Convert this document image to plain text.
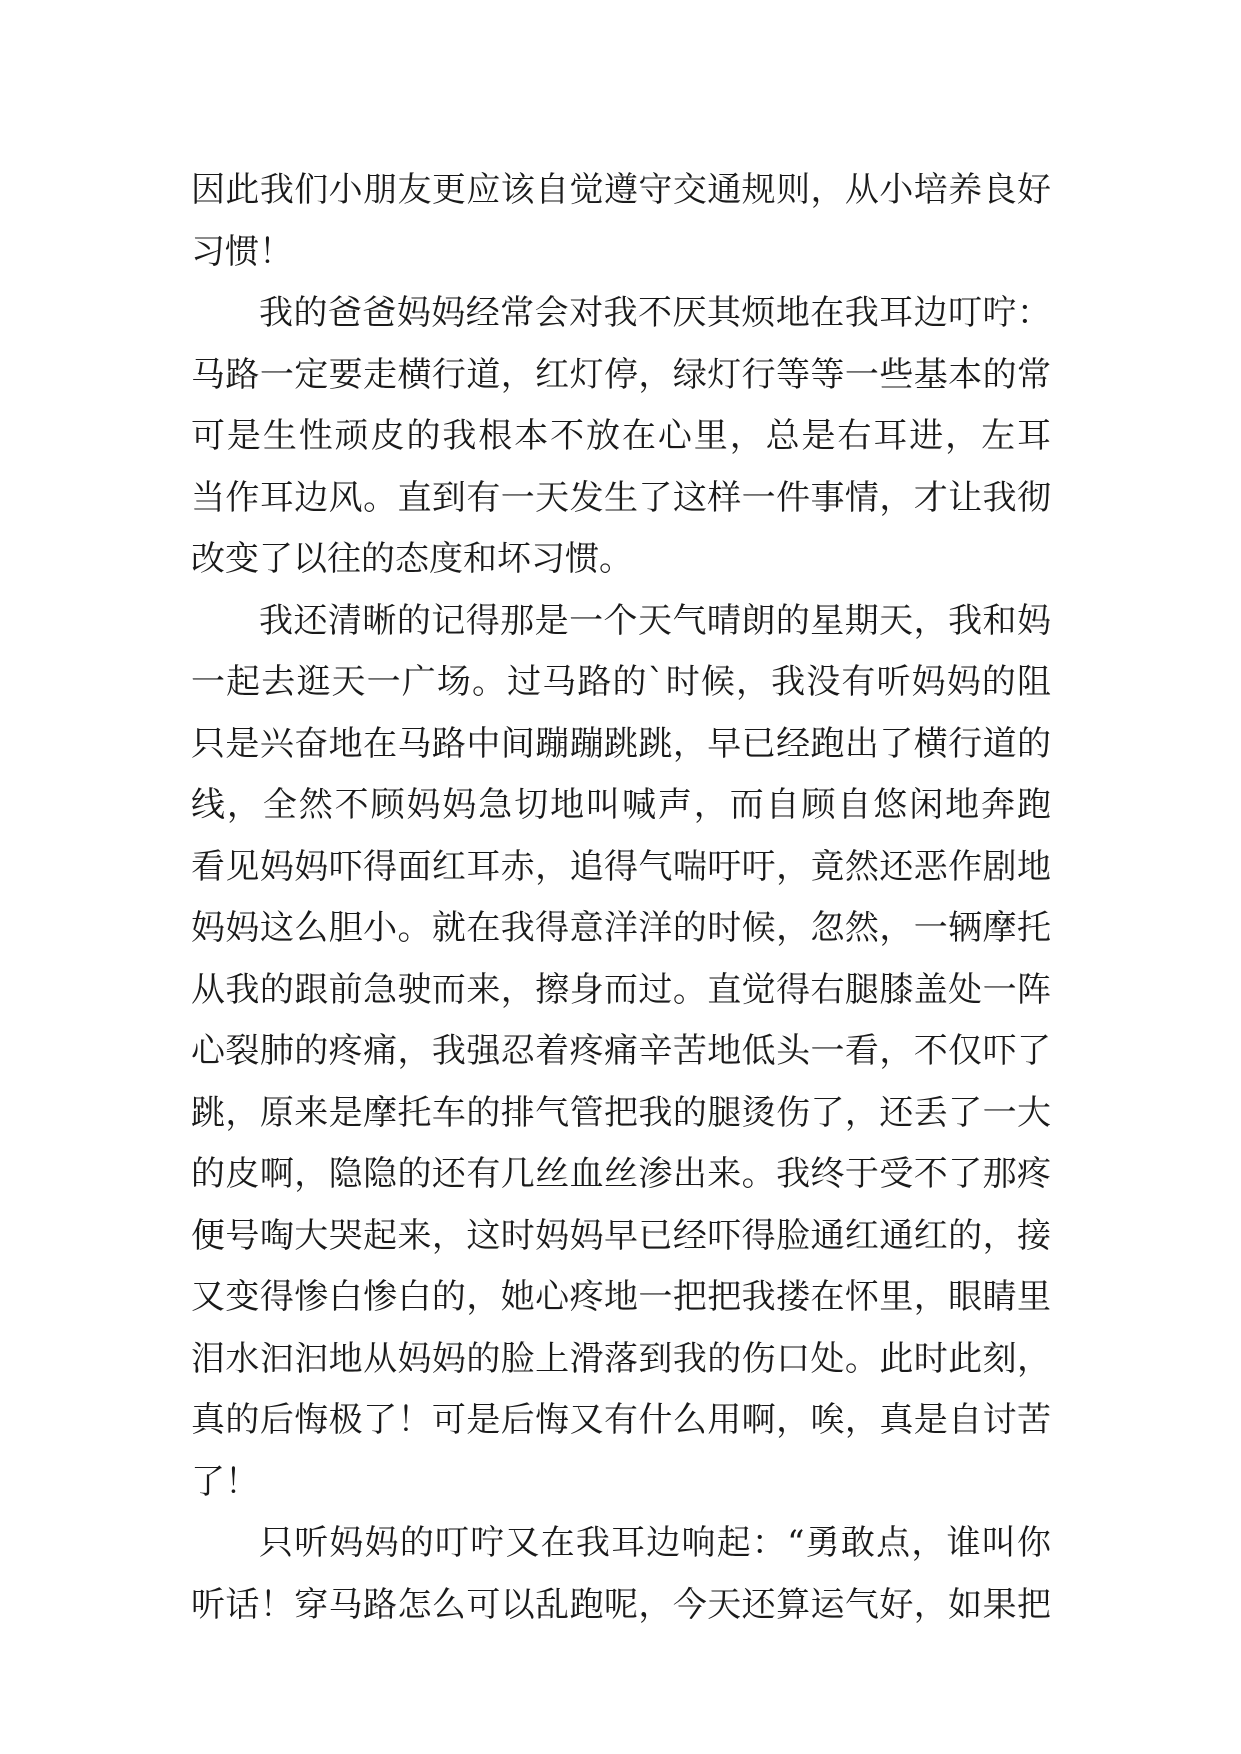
因此我们小朋友更应该自觉遵守交通规则，从小培养良好
习惯！
我的爸爸妈妈经常会对我不厌其烦地在我耳边叮咛：
马路一定要走横行道，红灯停，绿灯行等等一些基本的常
可是生性顽皮的我根本不放在心里，总是右耳进，左耳
当作耳边风。直到有一天发生了这样一件事情，才让我彻
改变了以往的态度和坏习惯。
我还清晰的记得那是一个天气晴朗的星期天，我和妈
一起去逛天一广场。过马路的`时候，我没有听妈妈的阻
只是兴奋地在马路中间蹦蹦跳跳，早已经跑出了横行道的
线，全然不顾妈妈急切地叫喊声，而自顾自悠闲地奔跑
看见妈妈吓得面红耳赤，追得气喘吁吁，竟然还恶作剧地
妈妈这么胆小。就在我得意洋洋的时候，忽然，一辆摩托
从我的跟前急驶而来，擦身而过。直觉得右腿膝盖处一阵
心裂肺的疼痛，我强忍着疼痛辛苦地低头一看，不仅吓了
跳，原来是摩托车的排气管把我的腿烫伤了，还丢了一大
的皮啊，隐隐的还有几丝血丝渗出来。我终于受不了那疼
便号啕大哭起来，这时妈妈早已经吓得脸通红通红的，接
又变得惨白惨白的，她心疼地一把把我搂在怀里，眼睛里
泪水汩汩地从妈妈的脸上滑落到我的伤口处。此时此刻，
真的后悔极了！可是后悔又有什么用啊，唉，真是自讨苦
了！
只听妈妈的叮咛又在我耳边响起：“勇敢点，谁叫你
听话！穿马路怎么可以乱跑呢，今天还算运气好，如果把
